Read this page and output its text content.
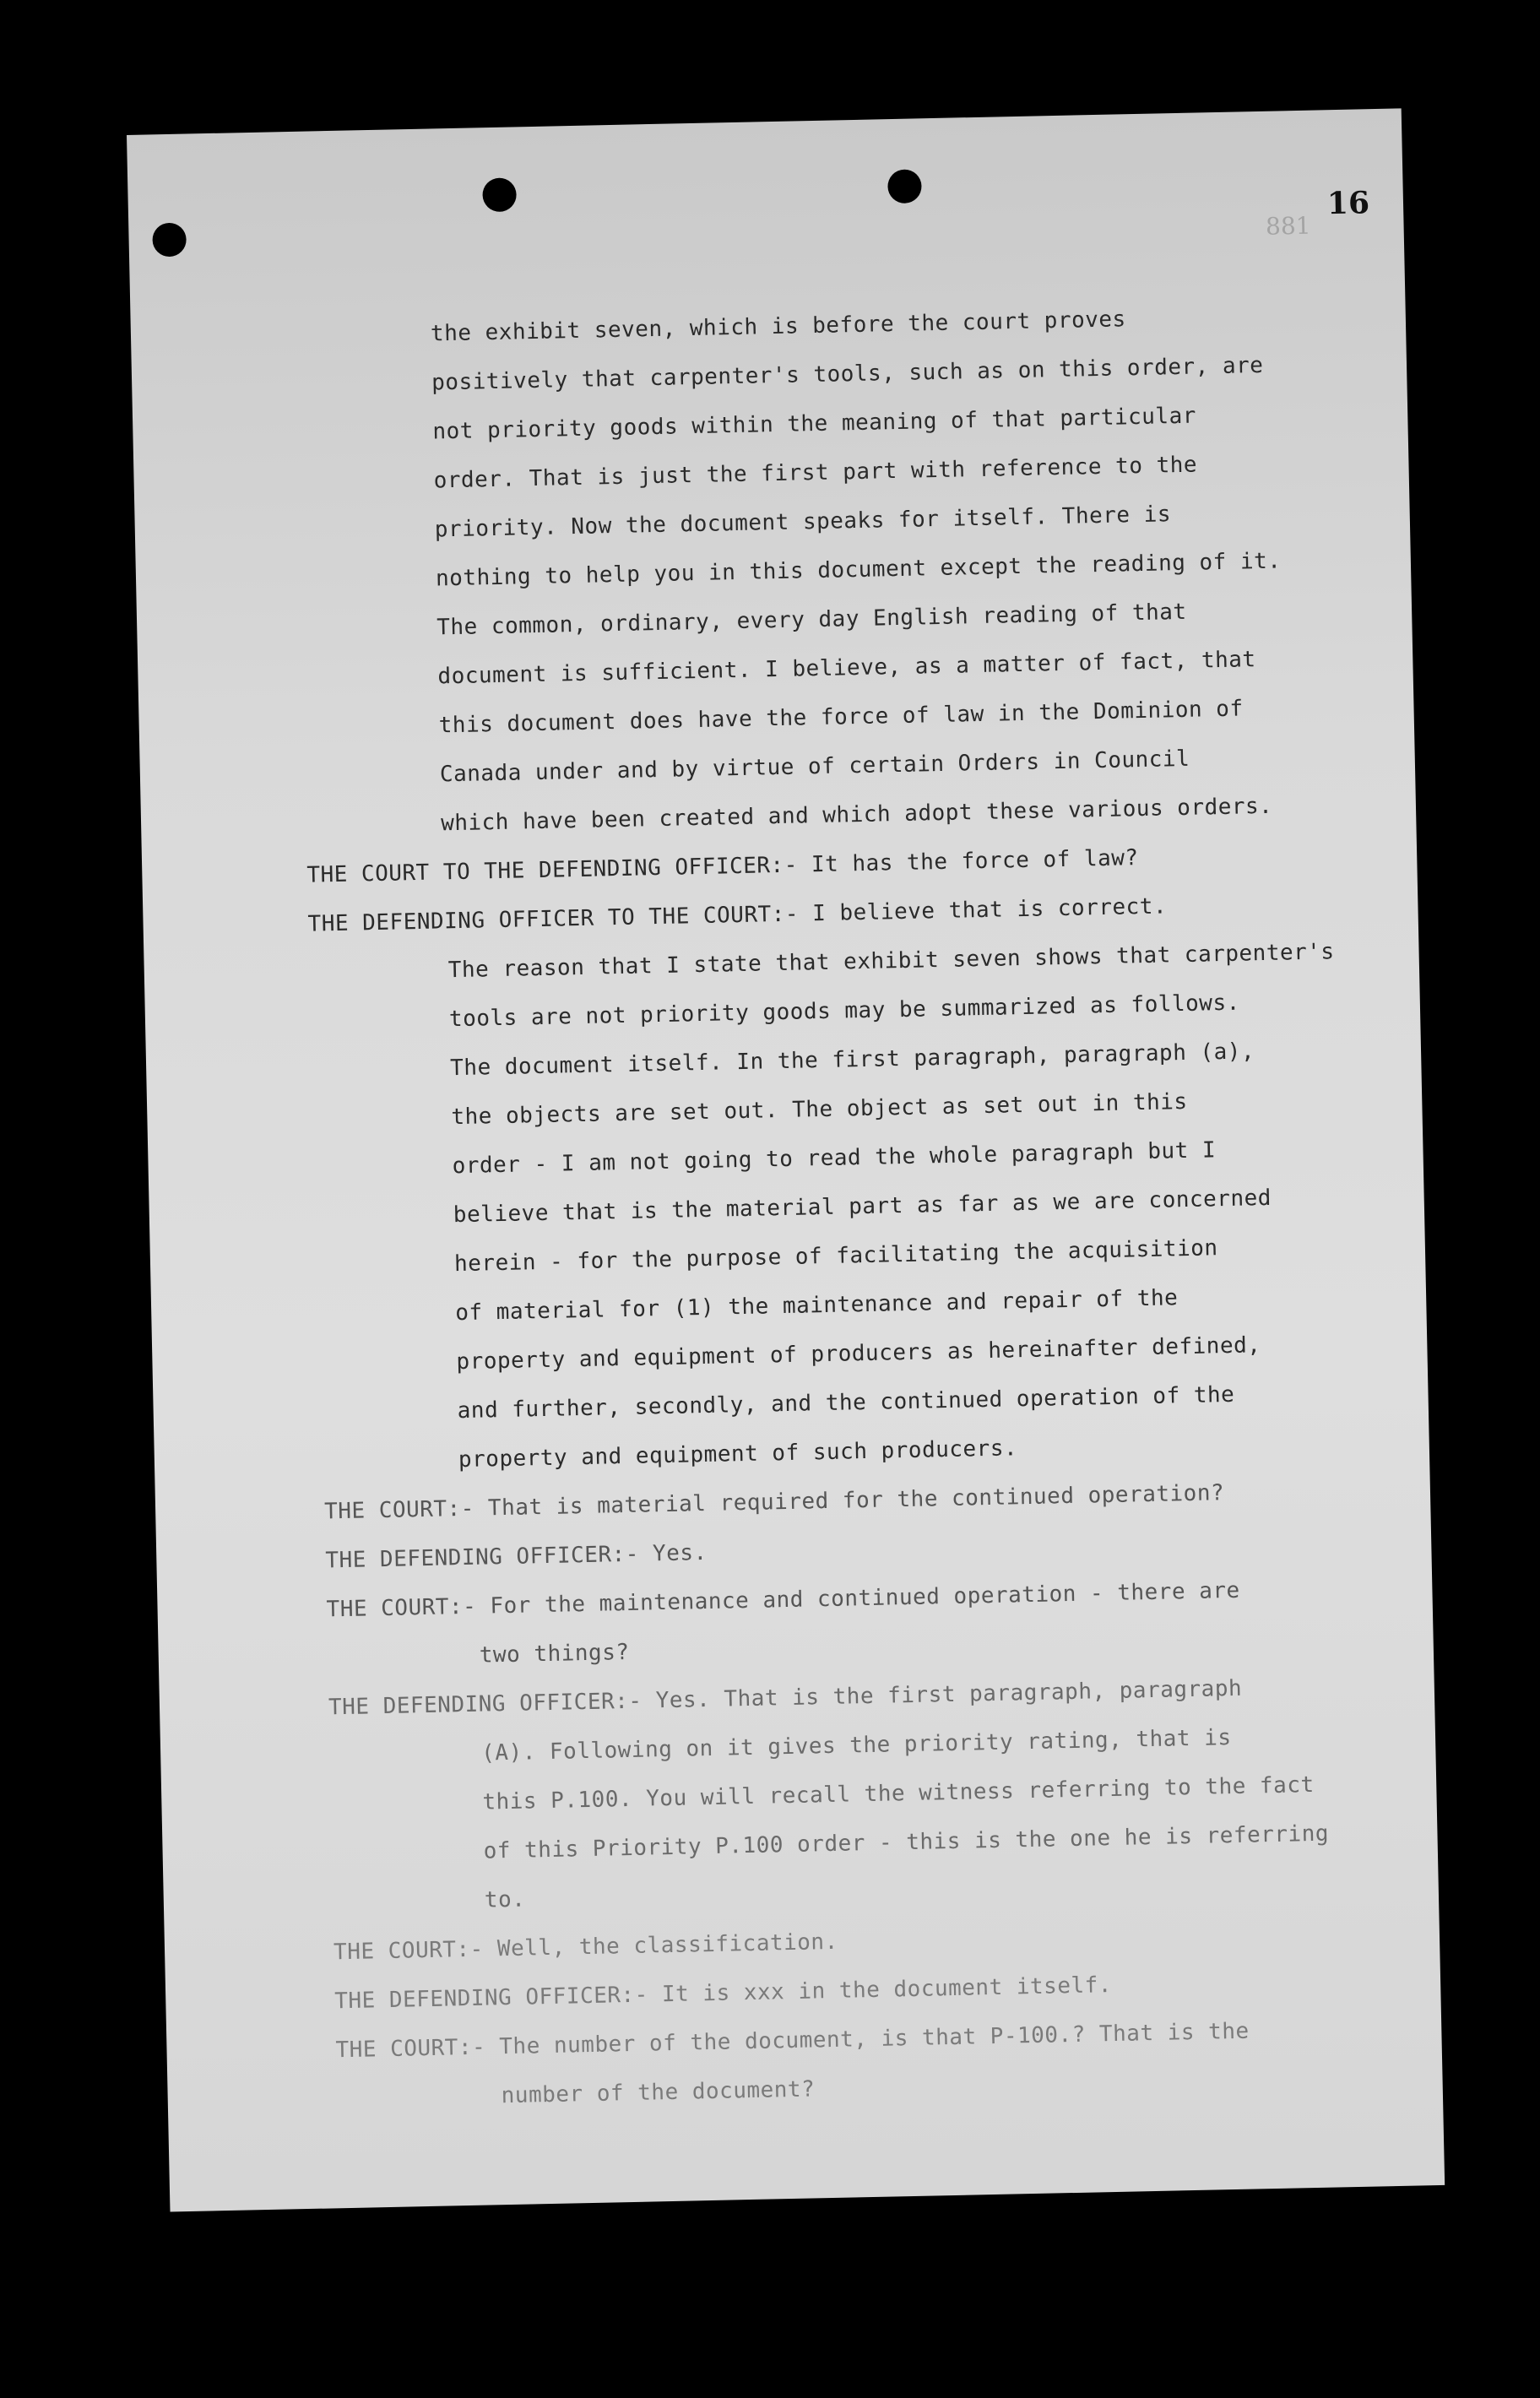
16
881
the exhibit seven, which is before the court proves
positively that carpenter's tools, such as on this order, are
not priority goods within the meaning of that particular
order. That is just the first part with reference to the
priority. Now the document speaks for itself. There is
nothing to help you in this document except the reading of it.
The common, ordinary, every day English reading of that
document is sufficient. I believe, as a matter of fact, that
this document does have the force of law in the Dominion of
Canada under and by virtue of certain Orders in Council
which have been created and which adopt these various orders.
THE COURT TO THE DEFENDING OFFICER:- It has the force of law?
THE DEFENDING OFFICER TO THE COURT:- I believe that is correct.
The reason that I state that exhibit seven shows that carpenter's
tools are not priority goods may be summarized as follows.
The document itself. In the first paragraph, paragraph (a),
the objects are set out. The object as set out in this
order - I am not going to read the whole paragraph but I
believe that is the material part as far as we are concerned
herein - for the purpose of facilitating the acquisition
of material for (1) the maintenance and repair of the
property and equipment of producers as hereinafter defined,
and further, secondly, and the continued operation of the
property and equipment of such producers.
THE COURT:- That is material required for the continued operation?
THE DEFENDING OFFICER:- Yes.
THE COURT:- For the maintenance and continued operation - there are
two things?
THE DEFENDING OFFICER:- Yes. That is the first paragraph, paragraph
(A). Following on it gives the priority rating, that is
this P.100. You will recall the witness referring to the fact
of this Priority P.100 order - this is the one he is referring
to.
THE COURT:- Well, the classification.
THE DEFENDING OFFICER:- It is xxx in the document itself.
THE COURT:- The number of the document, is that P-100.? That is the
number of the document?
